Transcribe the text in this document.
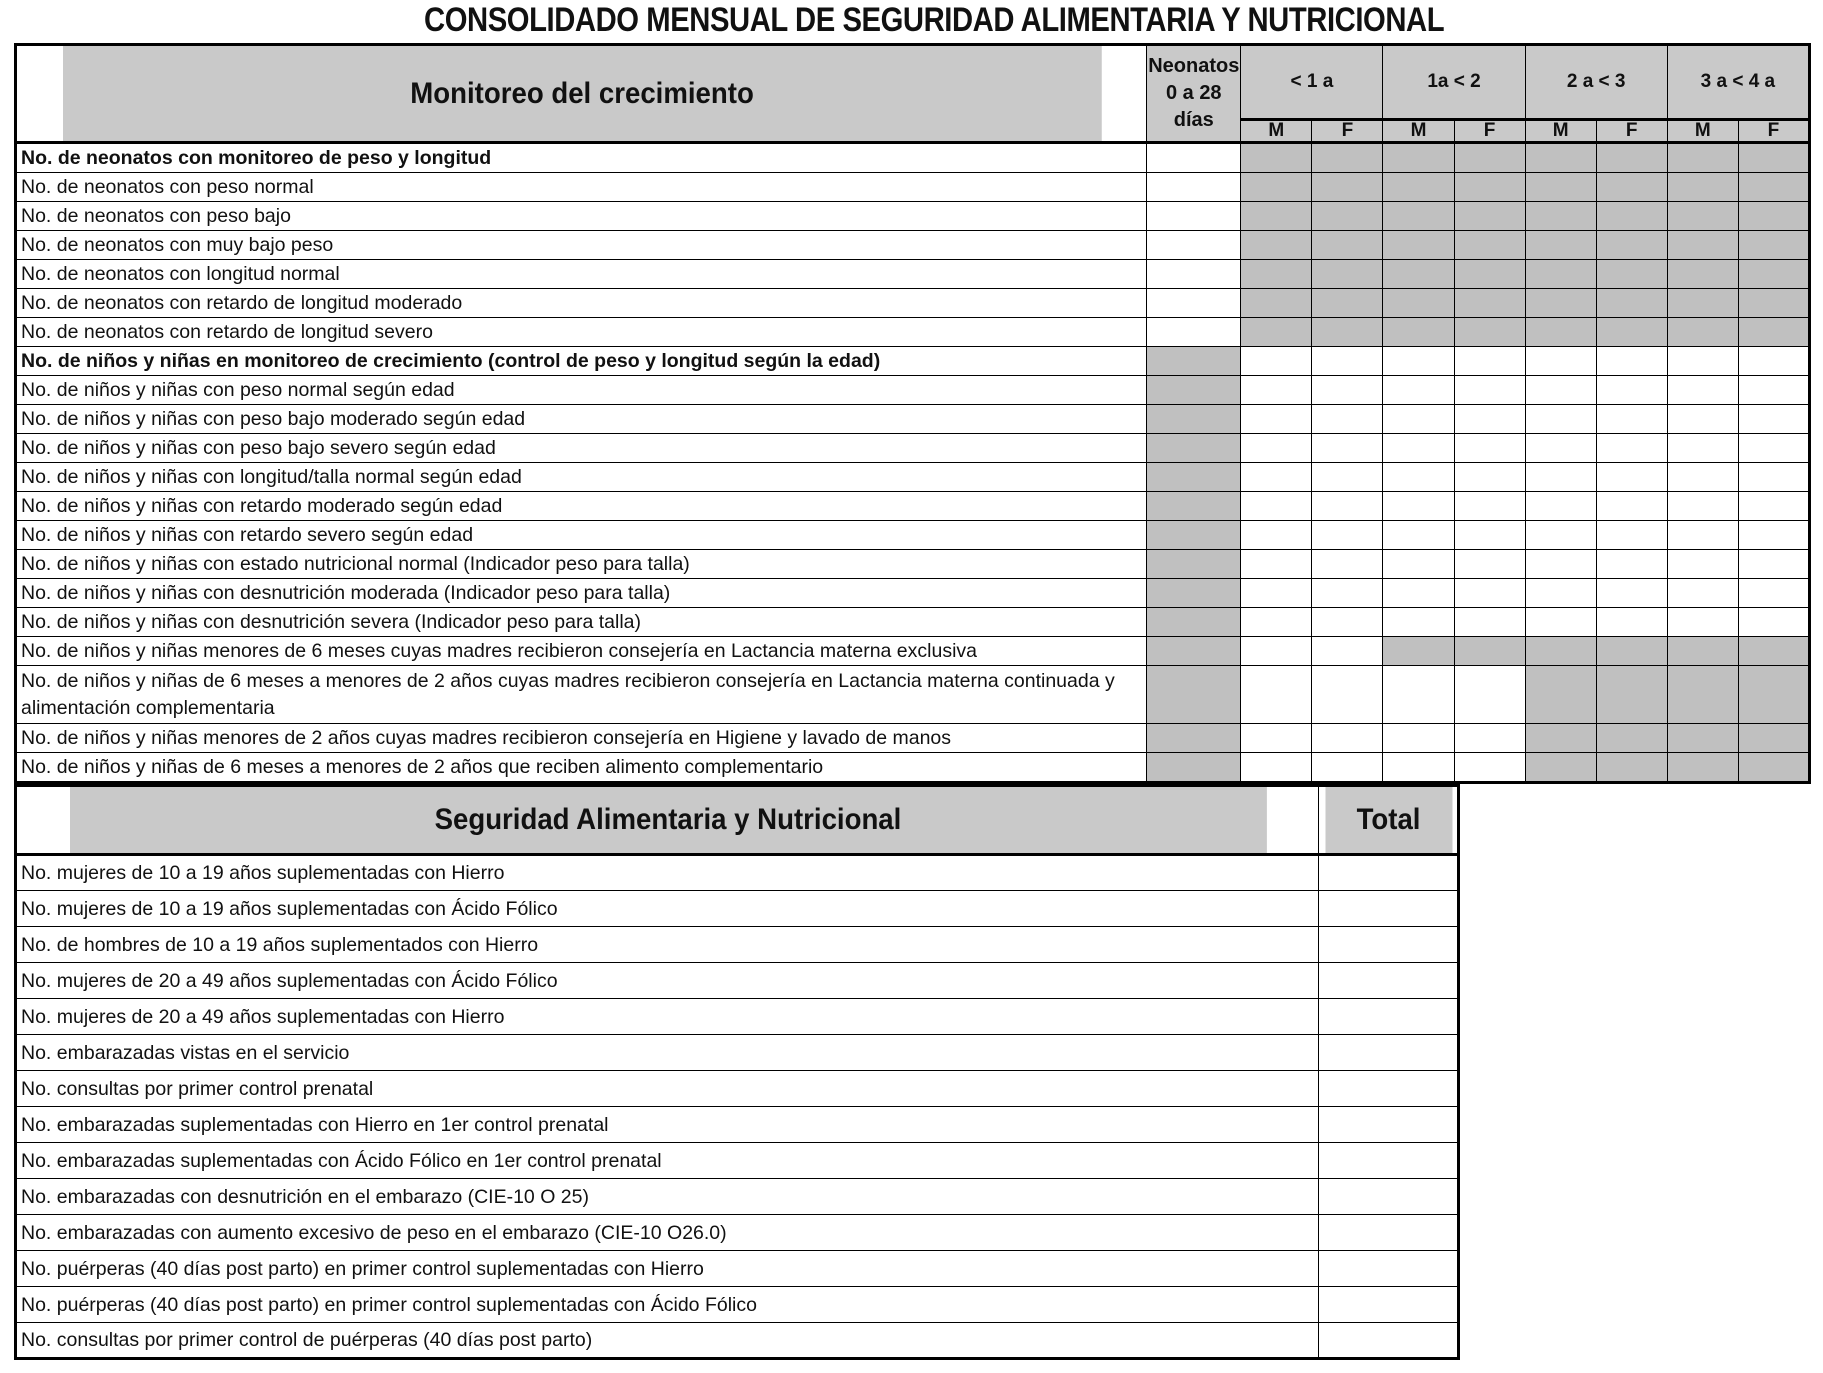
CONSOLIDADO MENSUAL DE SEGURIDAD ALIMENTARIA Y NUTRICIONAL
Monitoreo del crecimiento	Neonatos 0 a 28 días	< 1 a		1a < 2		2 a < 3		3 a < 4 a	
		M	F	M	F	M	F	M	F
No. de neonatos con monitoreo de peso y longitud									
No. de neonatos con peso normal									
No. de neonatos con peso bajo									
No. de neonatos con muy bajo peso									
No. de neonatos con longitud normal									
No. de neonatos con retardo de longitud moderado									
No. de neonatos con retardo de longitud severo									
No. de niños y niñas en monitoreo de crecimiento (control de peso y longitud según la edad)									
No. de niños y niñas con peso normal según edad									
No. de niños y niñas con peso bajo moderado según edad									
No. de niños y niñas con peso bajo severo según edad									
No. de niños y niñas con longitud/talla normal según edad									
No. de niños y niñas con retardo moderado según edad									
No. de niños y niñas con retardo severo según edad									
No. de niños y niñas con estado nutricional normal (Indicador peso para talla)									
No. de niños y niñas con desnutrición moderada (Indicador peso para talla)									
No. de niños y niñas con desnutrición severa (Indicador peso para talla)									
No. de niños y niñas menores de 6 meses cuyas madres recibieron consejería en Lactancia materna exclusiva									
No. de niños y niñas de 6 meses a menores de 2 años cuyas madres recibieron consejería en Lactancia materna continuada y alimentación complementaria									
No. de niños y niñas menores de 2 años cuyas madres recibieron consejería en Higiene y lavado de manos									
No. de niños y niñas de 6 meses a menores de 2 años que reciben alimento complementario									
Seguridad Alimentaria y Nutricional	Total
No. mujeres de 10 a 19 años suplementadas con Hierro	
No. mujeres de 10 a 19 años suplementadas con Ácido Fólico	
No. de hombres de 10 a 19 años suplementados con Hierro	
No. mujeres de 20 a 49 años suplementadas con Ácido Fólico	
No. mujeres de 20 a 49 años suplementadas con Hierro	
No. embarazadas vistas en el servicio	
No. consultas por primer control prenatal	
No. embarazadas suplementadas con Hierro en 1er control prenatal	
No. embarazadas suplementadas con Ácido Fólico en 1er control prenatal	
No. embarazadas con desnutrición en el embarazo (CIE-10 O 25)	
No. embarazadas con aumento excesivo de peso en el embarazo (CIE-10 O26.0)	
No. puérperas (40 días post parto) en primer control suplementadas con Hierro	
No. puérperas (40 días post parto) en primer control suplementadas con Ácido Fólico	
No. consultas por primer control de puérperas (40 días post parto)	
